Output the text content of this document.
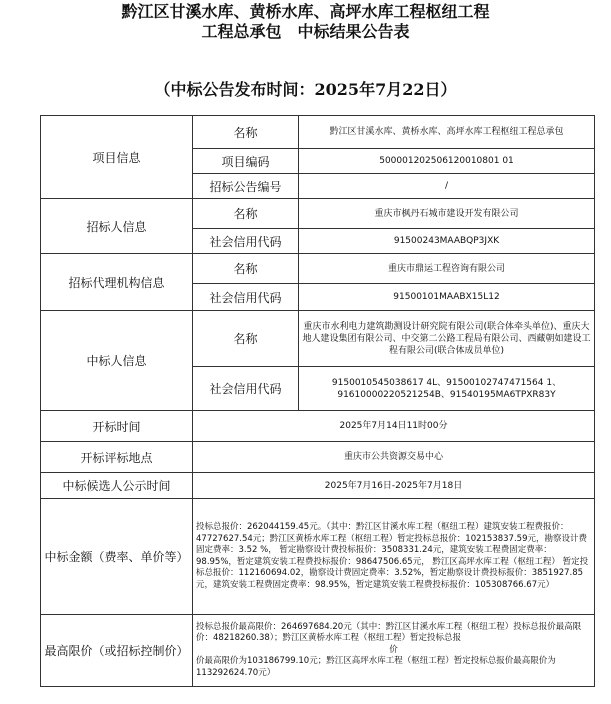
黔江区甘溪水库、黄桥水库、高坪水库工程枢纽工程
工程总承包　中标结果公告表
（中标公告发布时间：2025年7月22日）
项目信息	名称	黔江区甘溪水库、黄桥水库、高坪水库工程枢纽工程总承包
	项目编码	500001202506120010801 01
	招标公告编号	/
招标人信息	名称	重庆市枫丹石城市建设开发有限公司
	社会信用代码	91500243MAABQP3JXK
招标代理机构信息	名称	重庆市鼎运工程咨询有限公司
	社会信用代码	91500101MAABX15L12
中标人信息	名称	重庆市水利电力建筑勘测设计研究院有限公司(联合体牵头单位)、重庆大地人建设集团有限公司、中交第二公路工程局有限公司、西藏朝如建设工程有限公司(联合体成员单位)
	社会信用代码	9150010545038617 4L、91500102747471564 1、91610000220521254B、91540195MA6TPXR83Y
开标时间	2025年7月14日11时00分	
开标评标地点	重庆市公共资源交易中心	
中标候选人公示时间	2025年7月16日-2025年7月18日	
中标金额（费率、单价等）	投标总报价：262044159.45元。（其中：黔江区甘溪水库工程（枢纽工程）建筑安装工程费报价：47727627.54元；黔江区黄桥水库工程（枢纽工程）暂定投标总报价：102153837.59元，勘察设计费固定费率：3.52 %， 暂定勘察设计费投标报价：3508331.24元，建筑安装工程费固定费率：98.95%，暂定建筑安装工程费投标报价：98647506.65元， 黔江区高坪水库工程（枢纽工程） 暂定投标总报价：112160694.02，勘察设计费固定费率：3.52%，暂定勘察设计费投标报价：3851927.85元，建筑安装工程费固定费率：98.95%，暂定建筑安装工程费投标报价：105308766.67元）	
最高限价（或招标控制价）	投标总报价最高限价：264697684.20元（其中：黔江区甘溪水库工程（枢纽工程）投标总报价最高限价：48218260.38）；黔江区黄桥水库工程（枢纽工程）暂定投标总报
价
价最高限价为103186799.10元；黔江区高坪水库工程（枢纽工程）暂定投标总报价最高限价为113292624.70元）	
